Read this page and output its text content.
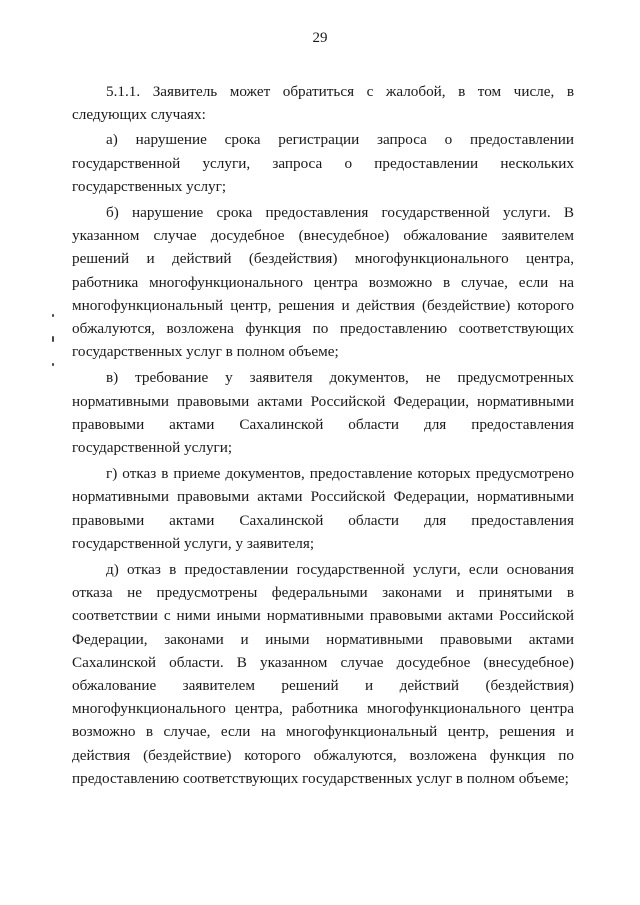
29

5.1.1. Заявитель может обратиться с жалобой, в том числе, в следующих случаях:

а) нарушение срока регистрации запроса о предоставлении государственной услуги, запроса о предоставлении нескольких государственных услуг;

б) нарушение срока предоставления государственной услуги. В указанном случае досудебное (внесудебное) обжалование заявителем решений и действий (бездействия) многофункционального центра, работника многофункционального центра возможно в случае, если на многофункциональный центр, решения и действия (бездействие) которого обжалуются, возложена функция по предоставлению соответствующих государственных услуг в полном объеме;

в) требование у заявителя документов, не предусмотренных нормативными правовыми актами Российской Федерации, нормативными правовыми актами Сахалинской области для предоставления государственной услуги;

г) отказ в приеме документов, предоставление которых предусмотрено нормативными правовыми актами Российской Федерации, нормативными правовыми актами Сахалинской области для предоставления государственной услуги, у заявителя;

д) отказ в предоставлении государственной услуги, если основания отказа не предусмотрены федеральными законами и принятыми в соответствии с ними иными нормативными правовыми актами Российской Федерации, законами и иными нормативными правовыми актами Сахалинской области. В указанном случае досудебное (внесудебное) обжалование заявителем решений и действий (бездействия) многофункционального центра, работника многофункционального центра возможно в случае, если на многофункциональный центр, решения и действия (бездействие) которого обжалуются, возложена функция по предоставлению соответствующих государственных услуг в полном объеме;
